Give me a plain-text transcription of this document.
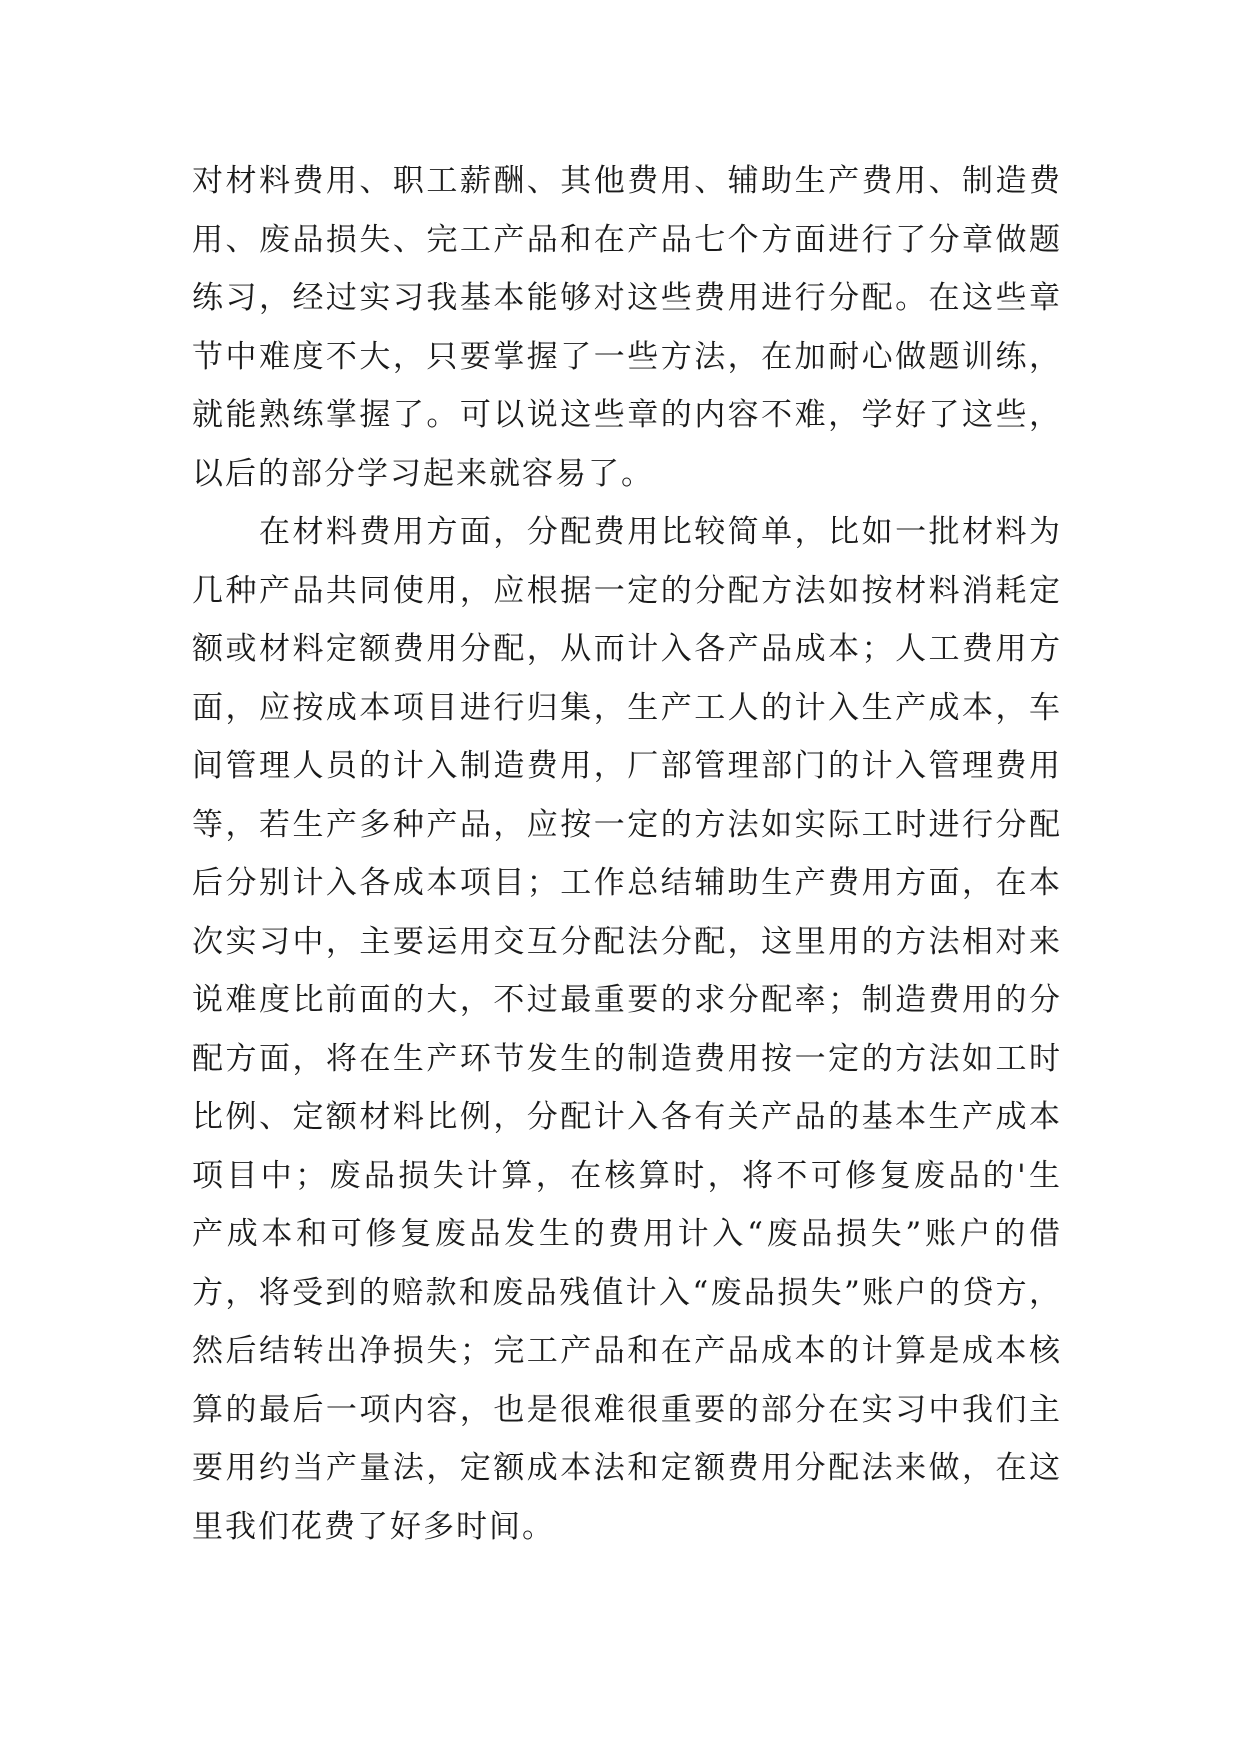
对材料费用、职工薪酬、其他费用、辅助生产费用、制造费
用、废品损失、完工产品和在产品七个方面进行了分章做题
练习，经过实习我基本能够对这些费用进行分配。在这些章
节中难度不大，只要掌握了一些方法，在加耐心做题训练，
就能熟练掌握了。可以说这些章的内容不难，学好了这些，
以后的部分学习起来就容易了。
　　在材料费用方面，分配费用比较简单，比如一批材料为
几种产品共同使用，应根据一定的分配方法如按材料消耗定
额或材料定额费用分配，从而计入各产品成本；人工费用方
面，应按成本项目进行归集，生产工人的计入生产成本，车
间管理人员的计入制造费用，厂部管理部门的计入管理费用
等，若生产多种产品，应按一定的方法如实际工时进行分配
后分别计入各成本项目；工作总结辅助生产费用方面，在本
次实习中，主要运用交互分配法分配，这里用的方法相对来
说难度比前面的大，不过最重要的求分配率；制造费用的分
配方面，将在生产环节发生的制造费用按一定的方法如工时
比例、定额材料比例，分配计入各有关产品的基本生产成本
项目中；废品损失计算，在核算时，将不可修复废品的'生
产成本和可修复废品发生的费用计入“废品损失”账户的借
方，将受到的赔款和废品残值计入“废品损失”账户的贷方，
然后结转出净损失；完工产品和在产品成本的计算是成本核
算的最后一项内容，也是很难很重要的部分在实习中我们主
要用约当产量法，定额成本法和定额费用分配法来做，在这
里我们花费了好多时间。
